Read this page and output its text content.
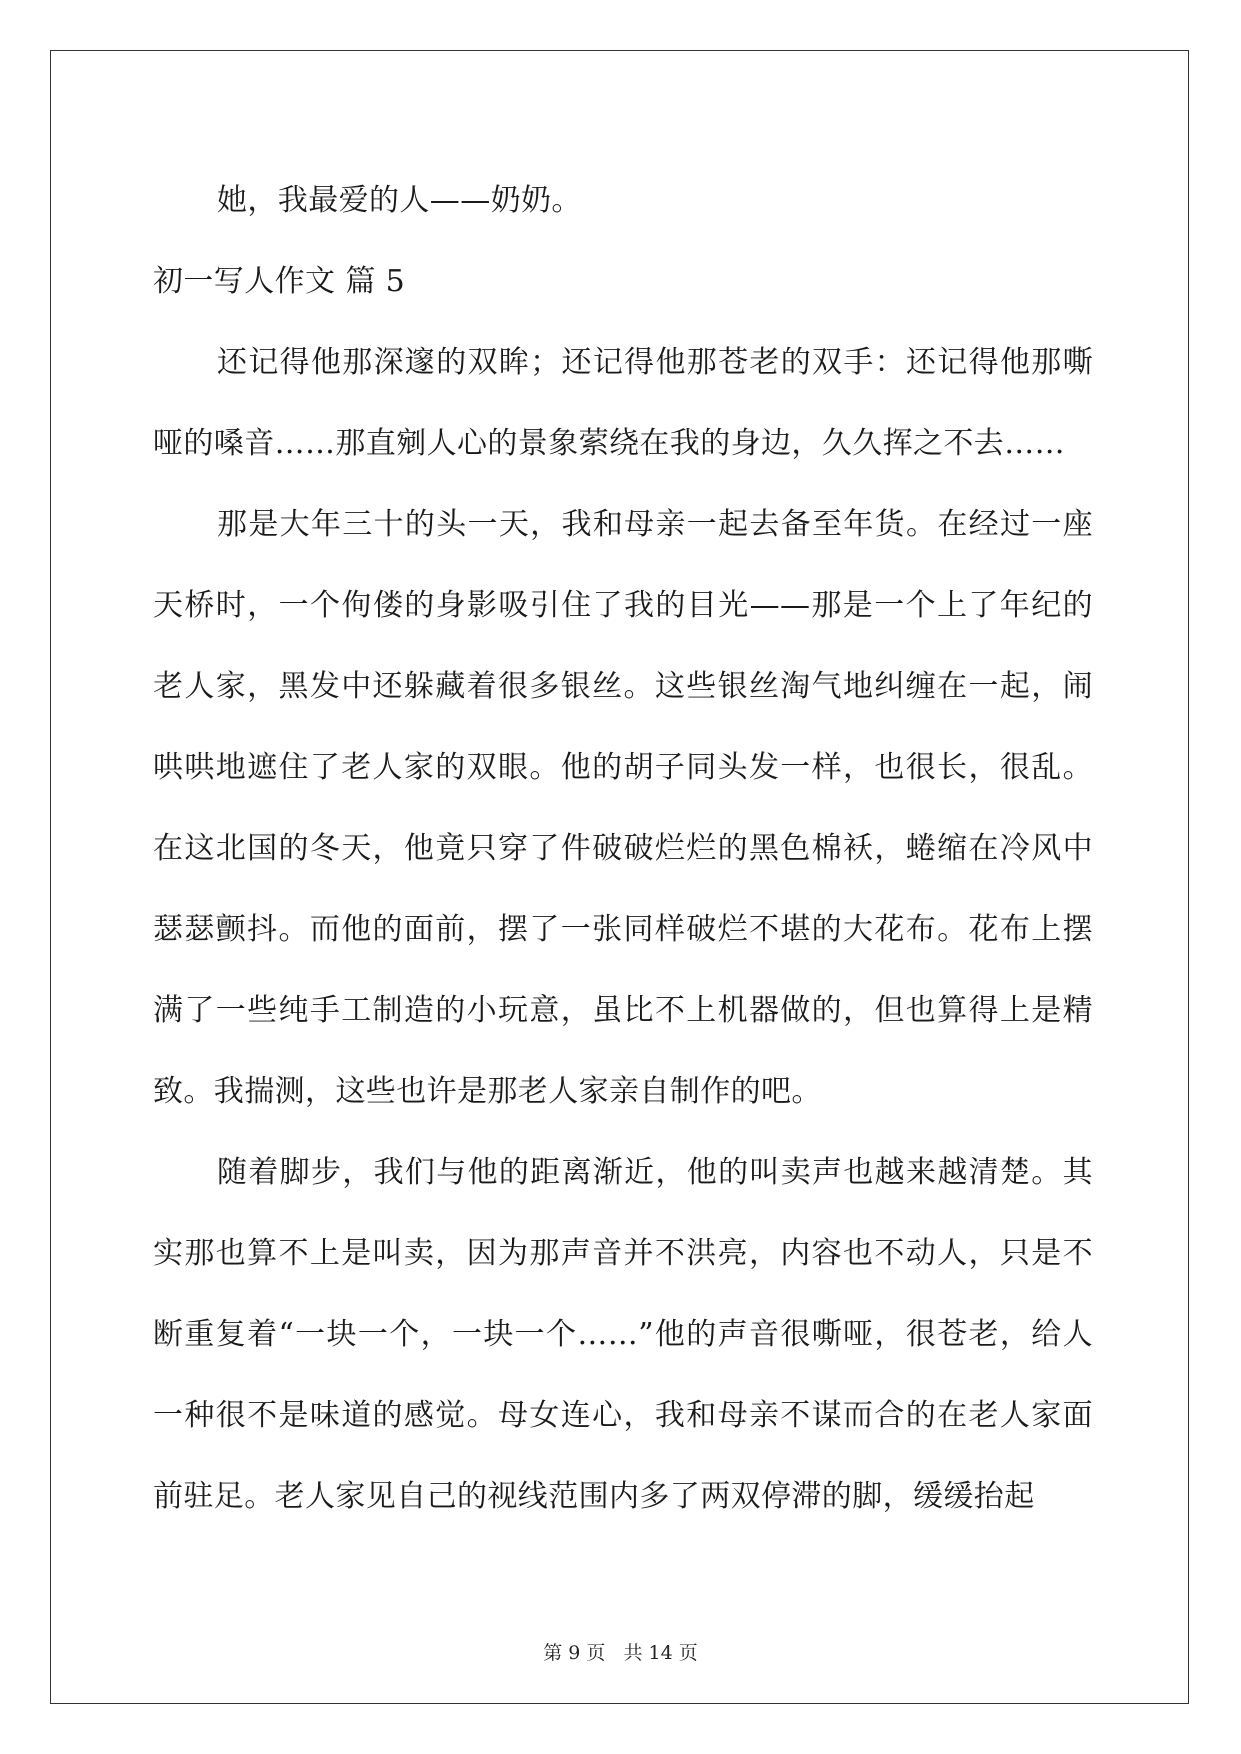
她，我最爱的人——奶奶。

初一写人作文 篇 5

还记得他那深邃的双眸；还记得他那苍老的双手：还记得他那嘶哑的嗓音……那直剜人心的景象萦绕在我的身边，久久挥之不去……

那是大年三十的头一天，我和母亲一起去备至年货。在经过一座天桥时，一个佝偻的身影吸引住了我的目光——那是一个上了年纪的老人家，黑发中还躲藏着很多银丝。这些银丝淘气地纠缠在一起，闹哄哄地遮住了老人家的双眼。他的胡子同头发一样，也很长，很乱。在这北国的冬天，他竟只穿了件破破烂烂的黑色棉袄，蜷缩在冷风中瑟瑟颤抖。而他的面前，摆了一张同样破烂不堪的大花布。花布上摆满了一些纯手工制造的小玩意，虽比不上机器做的，但也算得上是精致。我揣测，这些也许是那老人家亲自制作的吧。

随着脚步，我们与他的距离渐近，他的叫卖声也越来越清楚。其实那也算不上是叫卖，因为那声音并不洪亮，内容也不动人，只是不断重复着“一块一个，一块一个……”他的声音很嘶哑，很苍老，给人一种很不是味道的感觉。母女连心，我和母亲不谋而合的在老人家面前驻足。老人家见自己的视线范围内多了两双停滞的脚，缓缓抬起

第 9 页 共 14 页
